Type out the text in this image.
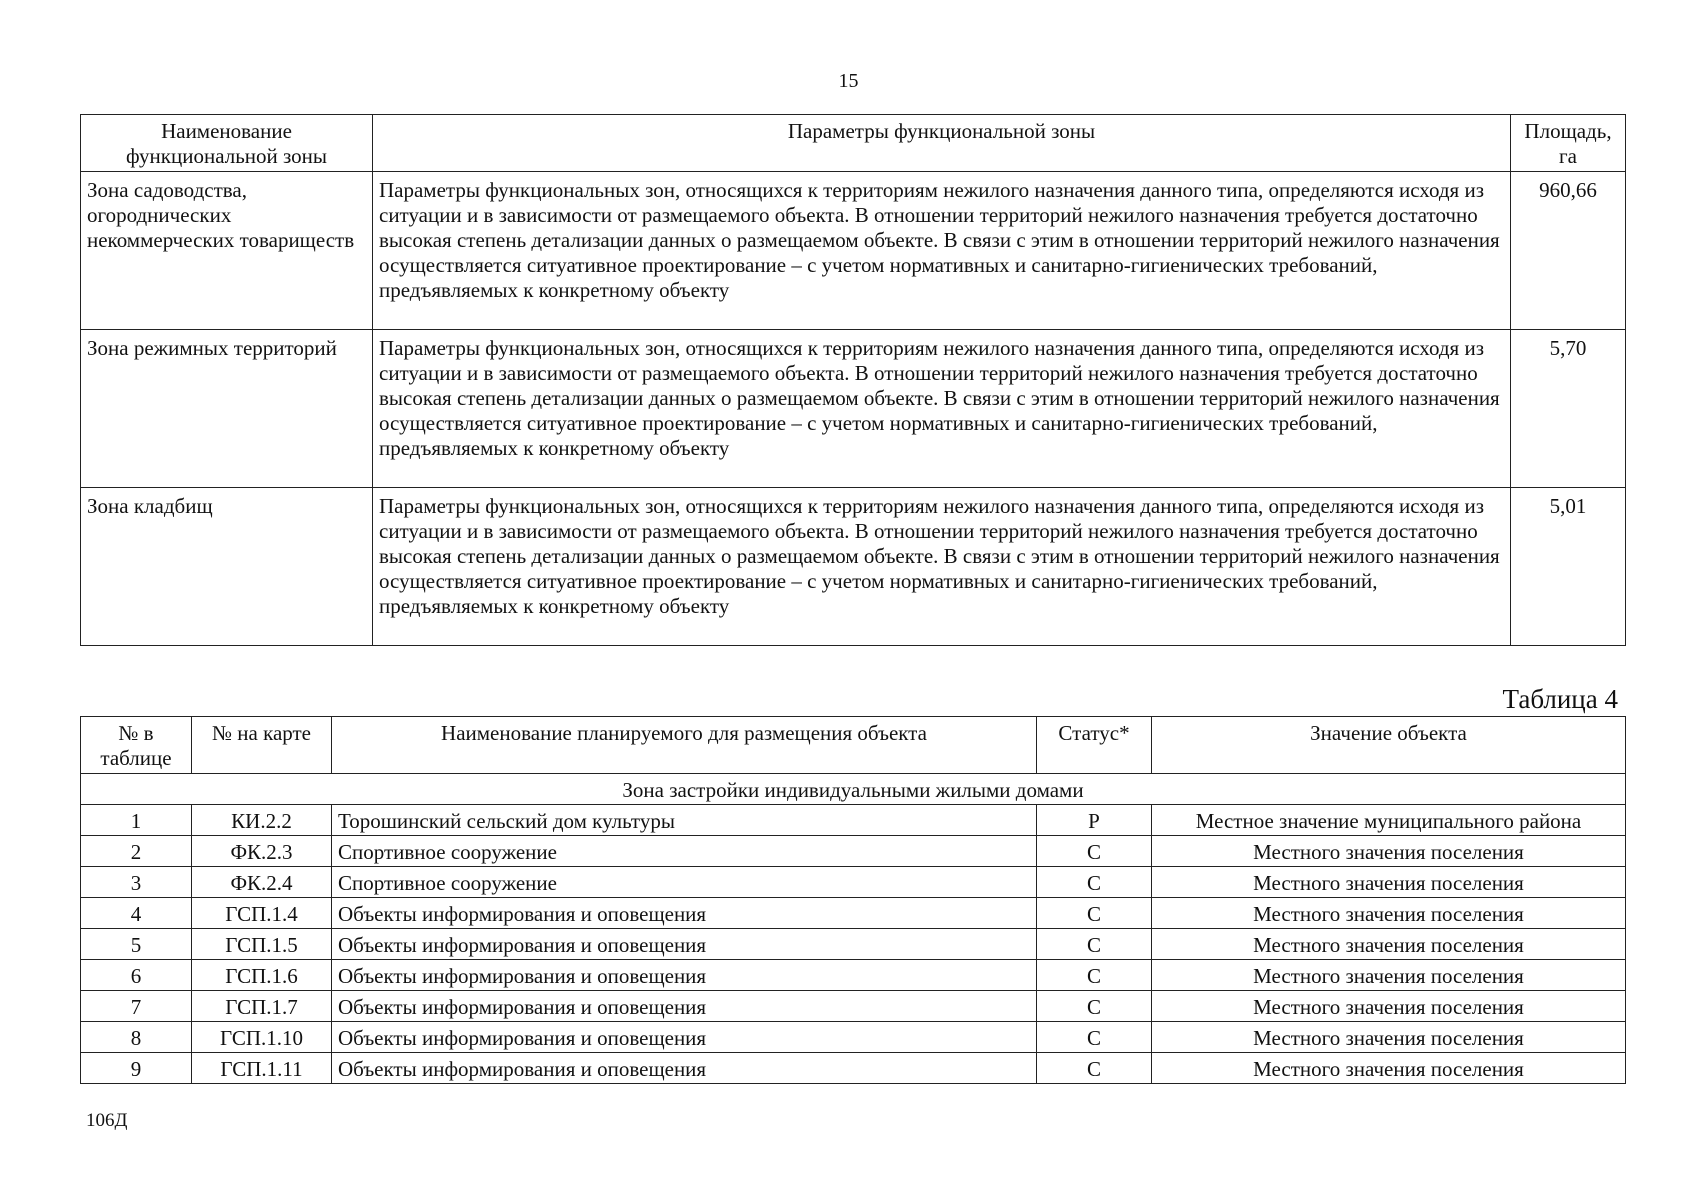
15
Наименование функциональной зоны	Параметры функциональной зоны	Площадь, га
Зона садоводства, огороднических некоммерческих товариществ	Параметры функциональных зон, относящихся к территориям нежилого назначения данного типа, определяются исходя из ситуации и в зависимости от размещаемого объекта. В отношении территорий нежилого назначения требуется достаточно высокая степень детализации данных о размещаемом объекте. В связи с этим в отношении территорий нежилого назначения осуществляется ситуативное проектирование – с учетом нормативных и санитарно-гигиенических требований, предъявляемых к конкретному объекту	960,66
Зона режимных территорий	Параметры функциональных зон, относящихся к территориям нежилого назначения данного типа, определяются исходя из ситуации и в зависимости от размещаемого объекта. В отношении территорий нежилого назначения требуется достаточно высокая степень детализации данных о размещаемом объекте. В связи с этим в отношении территорий нежилого назначения осуществляется ситуативное проектирование – с учетом нормативных и санитарно-гигиенических требований, предъявляемых к конкретному объекту	5,70
Зона кладбищ	Параметры функциональных зон, относящихся к территориям нежилого назначения данного типа, определяются исходя из ситуации и в зависимости от размещаемого объекта. В отношении территорий нежилого назначения требуется достаточно высокая степень детализации данных о размещаемом объекте. В связи с этим в отношении территорий нежилого назначения осуществляется ситуативное проектирование – с учетом нормативных и санитарно-гигиенических требований, предъявляемых к конкретному объекту	5,01
Таблица 4
№ в таблице	№ на карте	Наименование планируемого для размещения объекта	Статус*	Значение объекта
Зона застройки индивидуальными жилыми домами				
1	КИ.2.2	Торошинский сельский дом культуры	Р	Местное значение муниципального района
2	ФК.2.3	Спортивное сооружение	С	Местного значения поселения
3	ФК.2.4	Спортивное сооружение	С	Местного значения поселения
4	ГСП.1.4	Объекты информирования и оповещения	С	Местного значения поселения
5	ГСП.1.5	Объекты информирования и оповещения	С	Местного значения поселения
6	ГСП.1.6	Объекты информирования и оповещения	С	Местного значения поселения
7	ГСП.1.7	Объекты информирования и оповещения	С	Местного значения поселения
8	ГСП.1.10	Объекты информирования и оповещения	С	Местного значения поселения
9	ГСП.1.11	Объекты информирования и оповещения	С	Местного значения поселения
106Д
